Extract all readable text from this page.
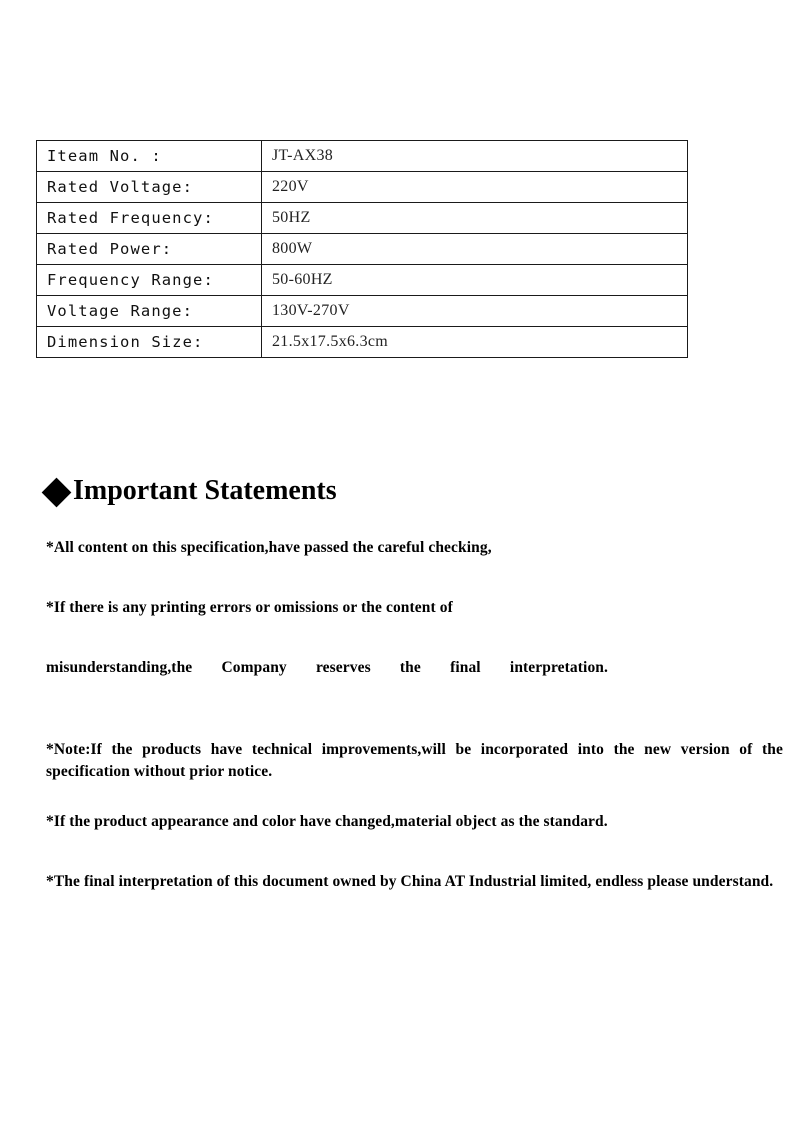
Iteam No. :	JT-AX38
Rated Voltage:	220V
Rated Frequency:	50HZ
Rated Power:	800W
Frequency Range:	50-60HZ
Voltage Range:	130V-270V
Dimension Size:	21.5x17.5x6.3cm
Important Statements

*All content on this specification,have passed the careful checking,

*If there is any printing errors or omissions or the content of

misunderstanding,the Company reserves the final interpretation.

*Note:If the products have technical improvements,will be incorporated into the new version of the specification without prior notice.

*If the product appearance and color have changed,material object as the standard.

*The final interpretation of this document owned by China AT Industrial limited, endless please understand.
